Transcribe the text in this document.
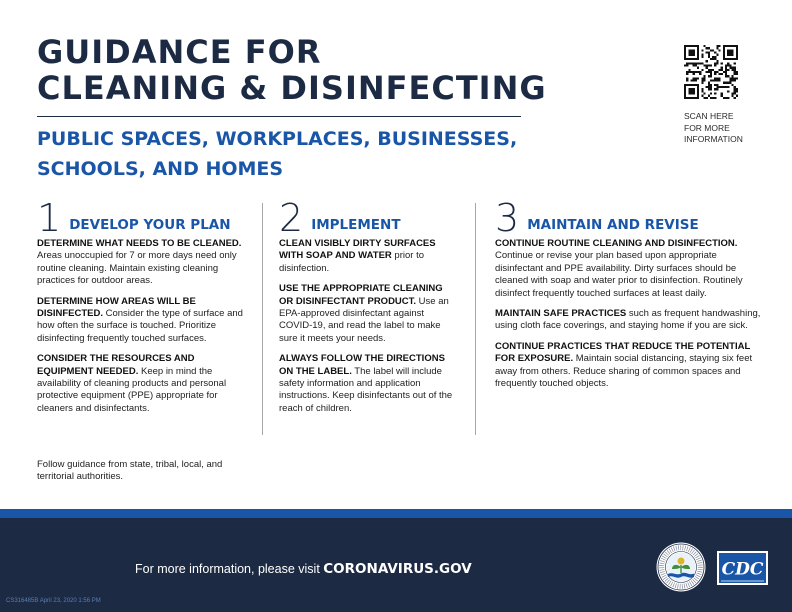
GUIDANCE FOR
CLEANING & DISINFECTING
PUBLIC SPACES, WORKPLACES, BUSINESSES,
SCHOOLS, AND HOMES
SCAN HERE
FOR MORE
INFORMATION
1 DEVELOP YOUR PLAN

DETERMINE WHAT NEEDS TO BE CLEANED. Areas unoccupied for 7 or more days need only routine cleaning. Maintain existing cleaning practices for outdoor areas.

DETERMINE HOW AREAS WILL BE DISINFECTED. Consider the type of surface and how often the surface is touched. Prioritize disinfecting frequently touched surfaces.

CONSIDER THE RESOURCES AND EQUIPMENT NEEDED. Keep in mind the availability of cleaning products and personal protective equipment (PPE) appropriate for cleaners and disinfectants.

2 IMPLEMENT

CLEAN VISIBLY DIRTY SURFACES WITH SOAP AND WATER prior to disinfection.

USE THE APPROPRIATE CLEANING OR DISINFECTANT PRODUCT. Use an EPA-approved disinfectant against COVID-19, and read the label to make sure it meets your needs.

ALWAYS FOLLOW THE DIRECTIONS ON THE LABEL. The label will include safety information and application instructions. Keep disinfectants out of the reach of children.

3 MAINTAIN AND REVISE

CONTINUE ROUTINE CLEANING AND DISINFECTION. Continue or revise your plan based upon appropriate disinfectant and PPE availability. Dirty surfaces should be cleaned with soap and water prior to disinfection. Routinely disinfect frequently touched surfaces at least daily.

MAINTAIN SAFE PRACTICES such as frequent handwashing, using cloth face coverings, and staying home if you are sick.

CONTINUE PRACTICES THAT REDUCE THE POTENTIAL FOR EXPOSURE. Maintain social distancing, staying six feet away from others. Reduce sharing of common spaces and frequently touched objects.

Follow guidance from state, tribal, local, and territorial authorities.
For more information, please visit CORONAVIRUS.GOV	CDC
CS316485B April 23, 2020 1:56 PM
